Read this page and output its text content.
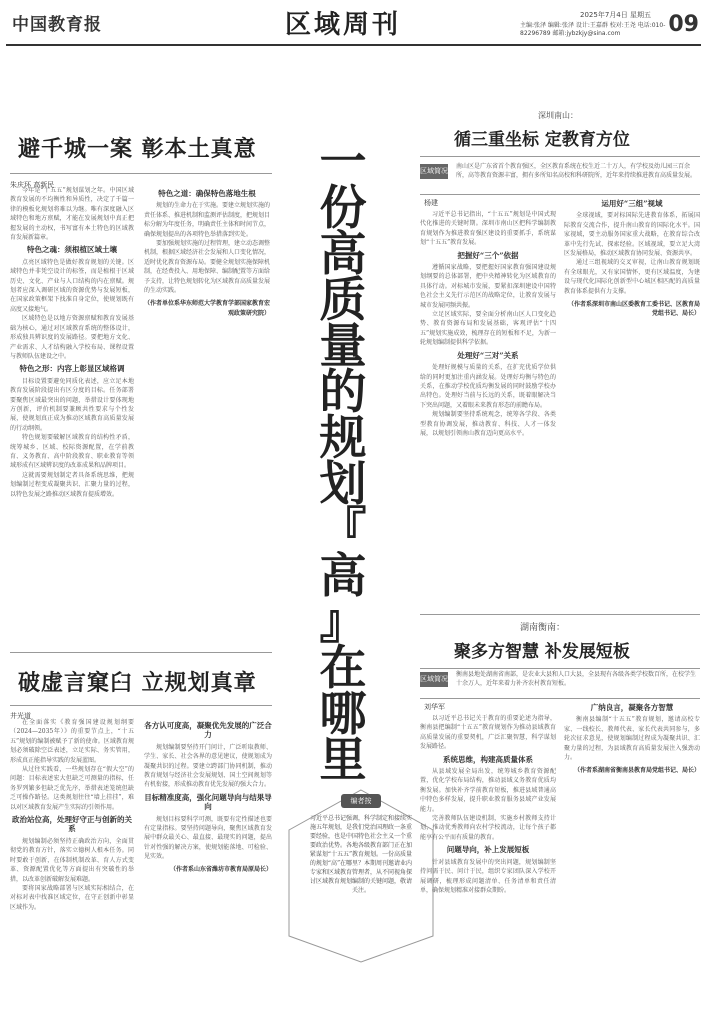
中国教育报	区域周刊	2025年7月4日 星期五
主编:张泽 编辑:张泽 设计:王嘉群 校对:王尧 电话:010-82296789 邮箱:jybzkjy@sina.com	09
避千城一案 彰本土真意
朱庆环 高新民

今年是“十五五”规划谋划之年。中国区域教育发展的不均衡性和异质性，决定了千篇一律的模板化规划将难以为继。唯有深度融入区域特色和地方禀赋，才能在发展规划中真正把握发展的主动权，书写富有本土特色的区域教育发展新篇章。

特色之魂：须根植区域土壤

点亮区域特色是做好教育规划的关键。区域特色并非凭空设计的标签，而是植根于区域历史、文化、产业与人口结构的内在禀赋。规划者应深入调研区域的资源优势与发展短板，在国家政策框架下找准自身定位，使规划既有高度又接地气。

区域特色是以地方资源禀赋和教育发展基础为核心，通过对区域教育系统的整体设计，形成独具辨识度的发展路径。要把地方文化、产业需求、人才结构融入学校布局、课程设置与教师队伍建设之中。

特色之形：内容上彰显区域格调

目标设置要避免同质化表述，应立足本地教育发展阶段提出有区分度的目标。任务部署要聚焦区域最突出的问题，举措设计要体现地方创新，评价机制要兼顾共性要求与个性发展，使规划真正成为推动区域教育高质量发展的行动纲领。

特色规划要破解区域教育的结构性矛盾，统筹城乡、区域、校际资源配置，在学前教育、义务教育、高中阶段教育、职业教育等领域形成有区域辨识度的改革成果和品牌项目。

这就需要规划制定者具备系统思维，把规划编制过程变成凝聚共识、汇聚力量的过程，以特色发展之路推动区域教育提质增效。

特色之道：确保特色落地生根

规划的生命力在于实施。要建立规划实施的责任体系、推进机制和监测评估制度，把规划目标分解为年度任务，明确责任主体和时间节点，确保规划提出的各项特色举措落到实处。

要加强规划实施的过程管理，建立动态调整机制，根据区域经济社会发展和人口变化情况，适时优化教育资源布局。要健全规划实施保障机制，在经费投入、用地保障、编制配置等方面给予支持，让特色规划转化为区域教育高质量发展的生动实践。

（作者单位系华东师范大学教育学部国家教育宏观政策研究院）
破虚言窠臼 立规划真章
井光道

在全面落实《教育强国建设规划纲要（2024—2035年）》的重要节点上，“十五五”规划的编制被赋予了新的使命。区域教育规划必须破除空泛表述，立足实际、务实管用，形成真正能指导实践的发展蓝图。

从过往实践看，一些规划存在“假大空”的问题：目标表述宏大但缺乏可测量的指标，任务罗列繁多但缺乏优先序，举措表述笼统但缺乏可操作路径。这类规划往往“墙上挂挂”，难以对区域教育发展产生实际的引领作用。

政治站位高，处理好守正与创新的关系

规划编制必须坚持正确政治方向，全面贯彻党的教育方针，落实立德树人根本任务。同时要敢于创新，在体制机制改革、育人方式变革、资源配置优化等方面提出有突破性的举措，以改革创新破解发展难题。

要将国家战略部署与区域实际相结合，在对标对表中找准区域定位，在守正创新中彰显区域作为。

各方认可度高，凝聚优先发展的广泛合力

规划编制要坚持开门问计，广泛听取教师、学生、家长、社会各界的意见建议，使规划成为凝聚共识的过程。要建立跨部门协同机制，推动教育规划与经济社会发展规划、国土空间规划等有机衔接，形成推动教育优先发展的强大合力。

目标精准度高，强化问题导向与结果导向

规划目标要科学可测，既要有定性描述也要有定量指标。要坚持问题导向，聚焦区域教育发展中群众最关心、最直接、最现实的问题，提出针对性强的解决方案，使规划能落地、可检验、见实效。

（作者系山东省潍坊市教育局原局长）
一
份
高
质
量
的
规
划
『
高
』
在
哪
里
编者按
习近平总书记强调，科学制定和接续实施五年规划，是我们党治国理政一条重要经验，也是中国特色社会主义一个重要政治优势。各地各级教育部门正在加紧谋划“十五五”教育规划。一份高质量的规划“高”在哪里？本期周刊邀请业内专家和区域教育管理者，从不同视角探讨区域教育规划编制的关键问题，敬请关注。
深圳南山：
循三重坐标 定教育方位
区域简况
南山区是广东省首个教育强区，全区教育系统在校生近二十万人，有学校及幼儿园三百余所，高等教育资源丰富，拥有多所知名高校和科研院所，近年来持续推进教育高质量发展。
杨建

习近平总书记指出，“十五五”规划是中国式现代化推进的关键时期。深圳市南山区把科学编制教育规划作为推进教育强区建设的重要抓手，系统谋划“十五五”教育发展。

把握好“三个”依据

遵循国家战略，要把握好国家教育强国建设规划纲要的总体部署，把中央精神转化为区域教育的具体行动。对标城市发展，要紧扣深圳建设中国特色社会主义先行示范区的战略定位，让教育发展与城市发展同频共振。

立足区域实际，要全面分析南山区人口变化趋势、教育资源布局和发展基础，客观评估“十四五”规划实施成效，梳理存在的短板和不足，为新一轮规划编制提供科学依据。

处理好“三对”关系

处理好规模与质量的关系，在扩充优质学位供给的同时更加注重内涵发展。处理好均衡与特色的关系，在推动学校优质均衡发展的同时鼓励学校办出特色。处理好当前与长远的关系，既着眼解决当下突出问题，又着眼未来教育形态的前瞻布局。

规划编制要坚持系统观念，统筹各学段、各类型教育协调发展，推动教育、科技、人才一体发展，以规划引领南山教育迈向更高水平。

运用好“三组”视域

全球视域，要对标国际先进教育体系，拓展国际教育交流合作，提升南山教育的国际化水平。国家视域，要主动服务国家重大战略，在教育综合改革中先行先试、探索经验。区域视域，要立足大湾区发展格局，推动区域教育协同发展、资源共享。

通过三组视域的交叉审视，让南山教育规划既有全球眼光，又有家国情怀，更有区域温度，为建设与现代化国际化创新型中心城区相匹配的高质量教育体系提供有力支撑。

（作者系深圳市南山区委教育工委书记、区教育局党组书记、局长）
湖南衡南：
聚多方智慧 补发展短板
区域简况
衡南县地处湖南省南部，是农业大县和人口大县，全县现有各级各类学校数百所，在校学生十余万人，近年来着力补齐农村教育短板。
刘华军

以习近平总书记关于教育的重要论述为指导，衡南县把编制“十五五”教育规划作为推动县域教育高质量发展的重要契机，广泛汇聚智慧，科学谋划发展路径。

系统思维，构建高质量体系

从县域发展全局出发，统筹城乡教育资源配置，优化学校布局结构，推动县域义务教育优质均衡发展。加快补齐学前教育短板，推进县域普通高中特色多样发展，提升职业教育服务县域产业发展能力。

完善教师队伍建设机制，实施乡村教师支持计划，推动优秀教师向农村学校流动，让每个孩子都能享有公平而有质量的教育。

问题导向，补上发展短板

针对县域教育发展中的突出问题，规划编制坚持问需于民、问计于民，组织专家团队深入学校开展调研，梳理形成问题清单、任务清单和责任清单，确保规划精准对接群众期盼。

广纳良言，凝聚各方智慧

衡南县编制“十五五”教育规划，邀请高校专家、一线校长、教师代表、家长代表共同参与，多轮次征求意见，使规划编制过程成为凝聚共识、汇聚力量的过程，为县域教育高质量发展注入强劲动力。

（作者系湖南省衡南县教育局党组书记、局长）
